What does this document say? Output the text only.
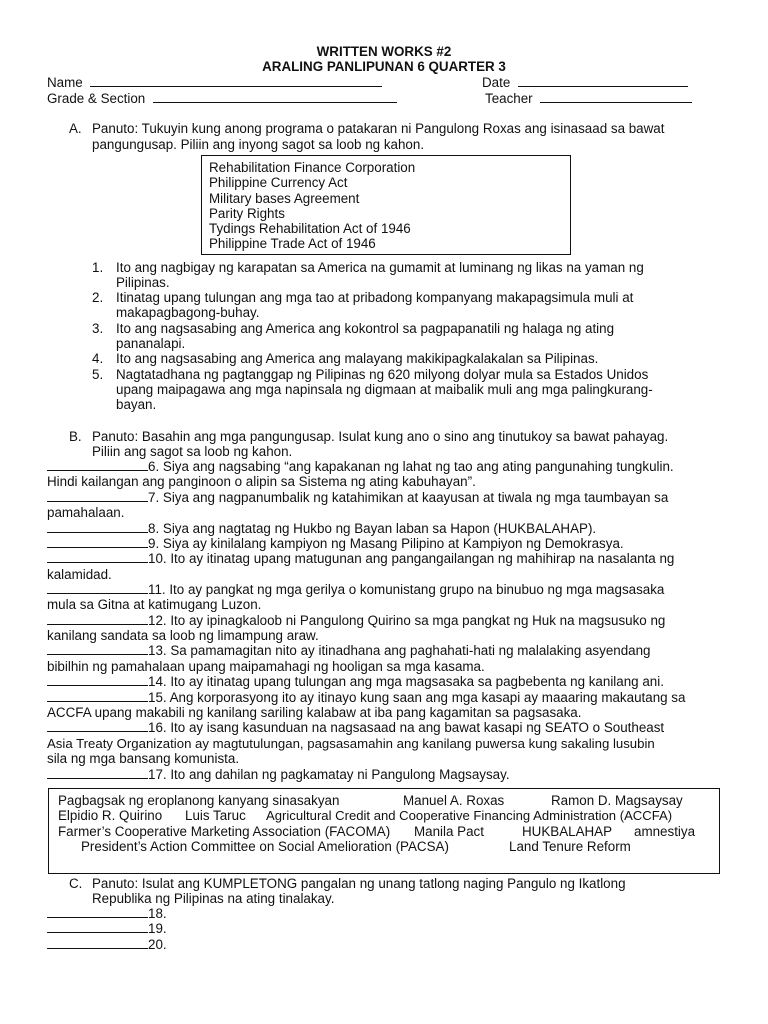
WRITTEN WORKS #2
ARALING PANLIPUNAN 6 QUARTER 3
Name	Date
Grade & Section	Teacher
A. Panuto: Tukuyin kung anong programa o patakaran ni Pangulong Roxas ang isinasaad sa bawat
pangungusap. Piliin ang inyong sagot sa loob ng kahon.
Rehabilitation Finance Corporation
Philippine Currency Act
Military bases Agreement
Parity Rights
Tydings Rehabilitation Act of 1946
Philippine Trade Act of 1946
1. Ito ang nagbigay ng karapatan sa America na gumamit at luminang ng likas na yaman ng
Pilipinas.
2. Itinatag upang tulungan ang mga tao at pribadong kompanyang makapagsimula muli at
makapagbagong-buhay.
3. Ito ang nagsasabing ang America ang kokontrol sa pagpapanatili ng halaga ng ating
pananalapi.
4. Ito ang nagsasabing ang America ang malayang makikipagkalakalan sa Pilipinas.
5. Nagtatadhana ng pagtanggap ng Pilipinas ng 620 milyong dolyar mula sa Estados Unidos
upang maipagawa ang mga napinsala ng digmaan at maibalik muli ang mga palingkurang-
bayan.
B. Panuto: Basahin ang mga pangungusap. Isulat kung ano o sino ang tinutukoy sa bawat pahayag.
Piliin ang sagot sa loob ng kahon.
6. Siya ang nagsabing “ang kapakanan ng lahat ng tao ang ating pangunahing tungkulin.
Hindi kailangan ang panginoon o alipin sa Sistema ng ating kabuhayan”.
7. Siya ang nagpanumbalik ng katahimikan at kaayusan at tiwala ng mga taumbayan sa
pamahalaan.
8. Siya ang nagtatag ng Hukbo ng Bayan laban sa Hapon (HUKBALAHAP).
9. Siya ay kinilalang kampiyon ng Masang Pilipino at Kampiyon ng Demokrasya.
10. Ito ay itinatag upang matugunan ang pangangailangan ng mahihirap na nasalanta ng
kalamidad.
11. Ito ay pangkat ng mga gerilya o komunistang grupo na binubuo ng mga magsasaka
mula sa Gitna at katimugang Luzon.
12. Ito ay ipinagkaloob ni Pangulong Quirino sa mga pangkat ng Huk na magsusuko ng
kanilang sandata sa loob ng limampung araw.
13. Sa pamamagitan nito ay itinadhana ang paghahati-hati ng malalaking asyendang
bibilhin ng pamahalaan upang maipamahagi ng hooligan sa mga kasama.
14. Ito ay itinatag upang tulungan ang mga magsasaka sa pagbebenta ng kanilang ani.
15. Ang korporasyong ito ay itinayo kung saan ang mga kasapi ay maaaring makautang sa
ACCFA upang makabili ng kanilang sariling kalabaw at iba pang kagamitan sa pagsasaka.
16. Ito ay isang kasunduan na nagsasaad na ang bawat kasapi ng SEATO o Southeast
Asia Treaty Organization ay magtutulungan, pagsasamahin ang kanilang puwersa kung sakaling lusubin
sila ng mga bansang komunista.
17. Ito ang dahilan ng pagkamatay ni Pangulong Magsaysay.
Pagbagsak ng eroplanong kanyang sinasakyan	Manuel A. Roxas	Ramon D. Magsaysay
Elpidio R. Quirino Luis Taruc Agricultural Credit and Cooperative Financing Administration (ACCFA)
Farmer’s Cooperative Marketing Association (FACOMA) Manila Pact	HUKBALAHAP amnestiya
President’s Action Committee on Social Amelioration (PACSA)	Land Tenure Reform
C. Panuto: Isulat ang KUMPLETONG pangalan ng unang tatlong naging Pangulo ng Ikatlong
Republika ng Pilipinas na ating tinalakay.
18.
19.
20.
